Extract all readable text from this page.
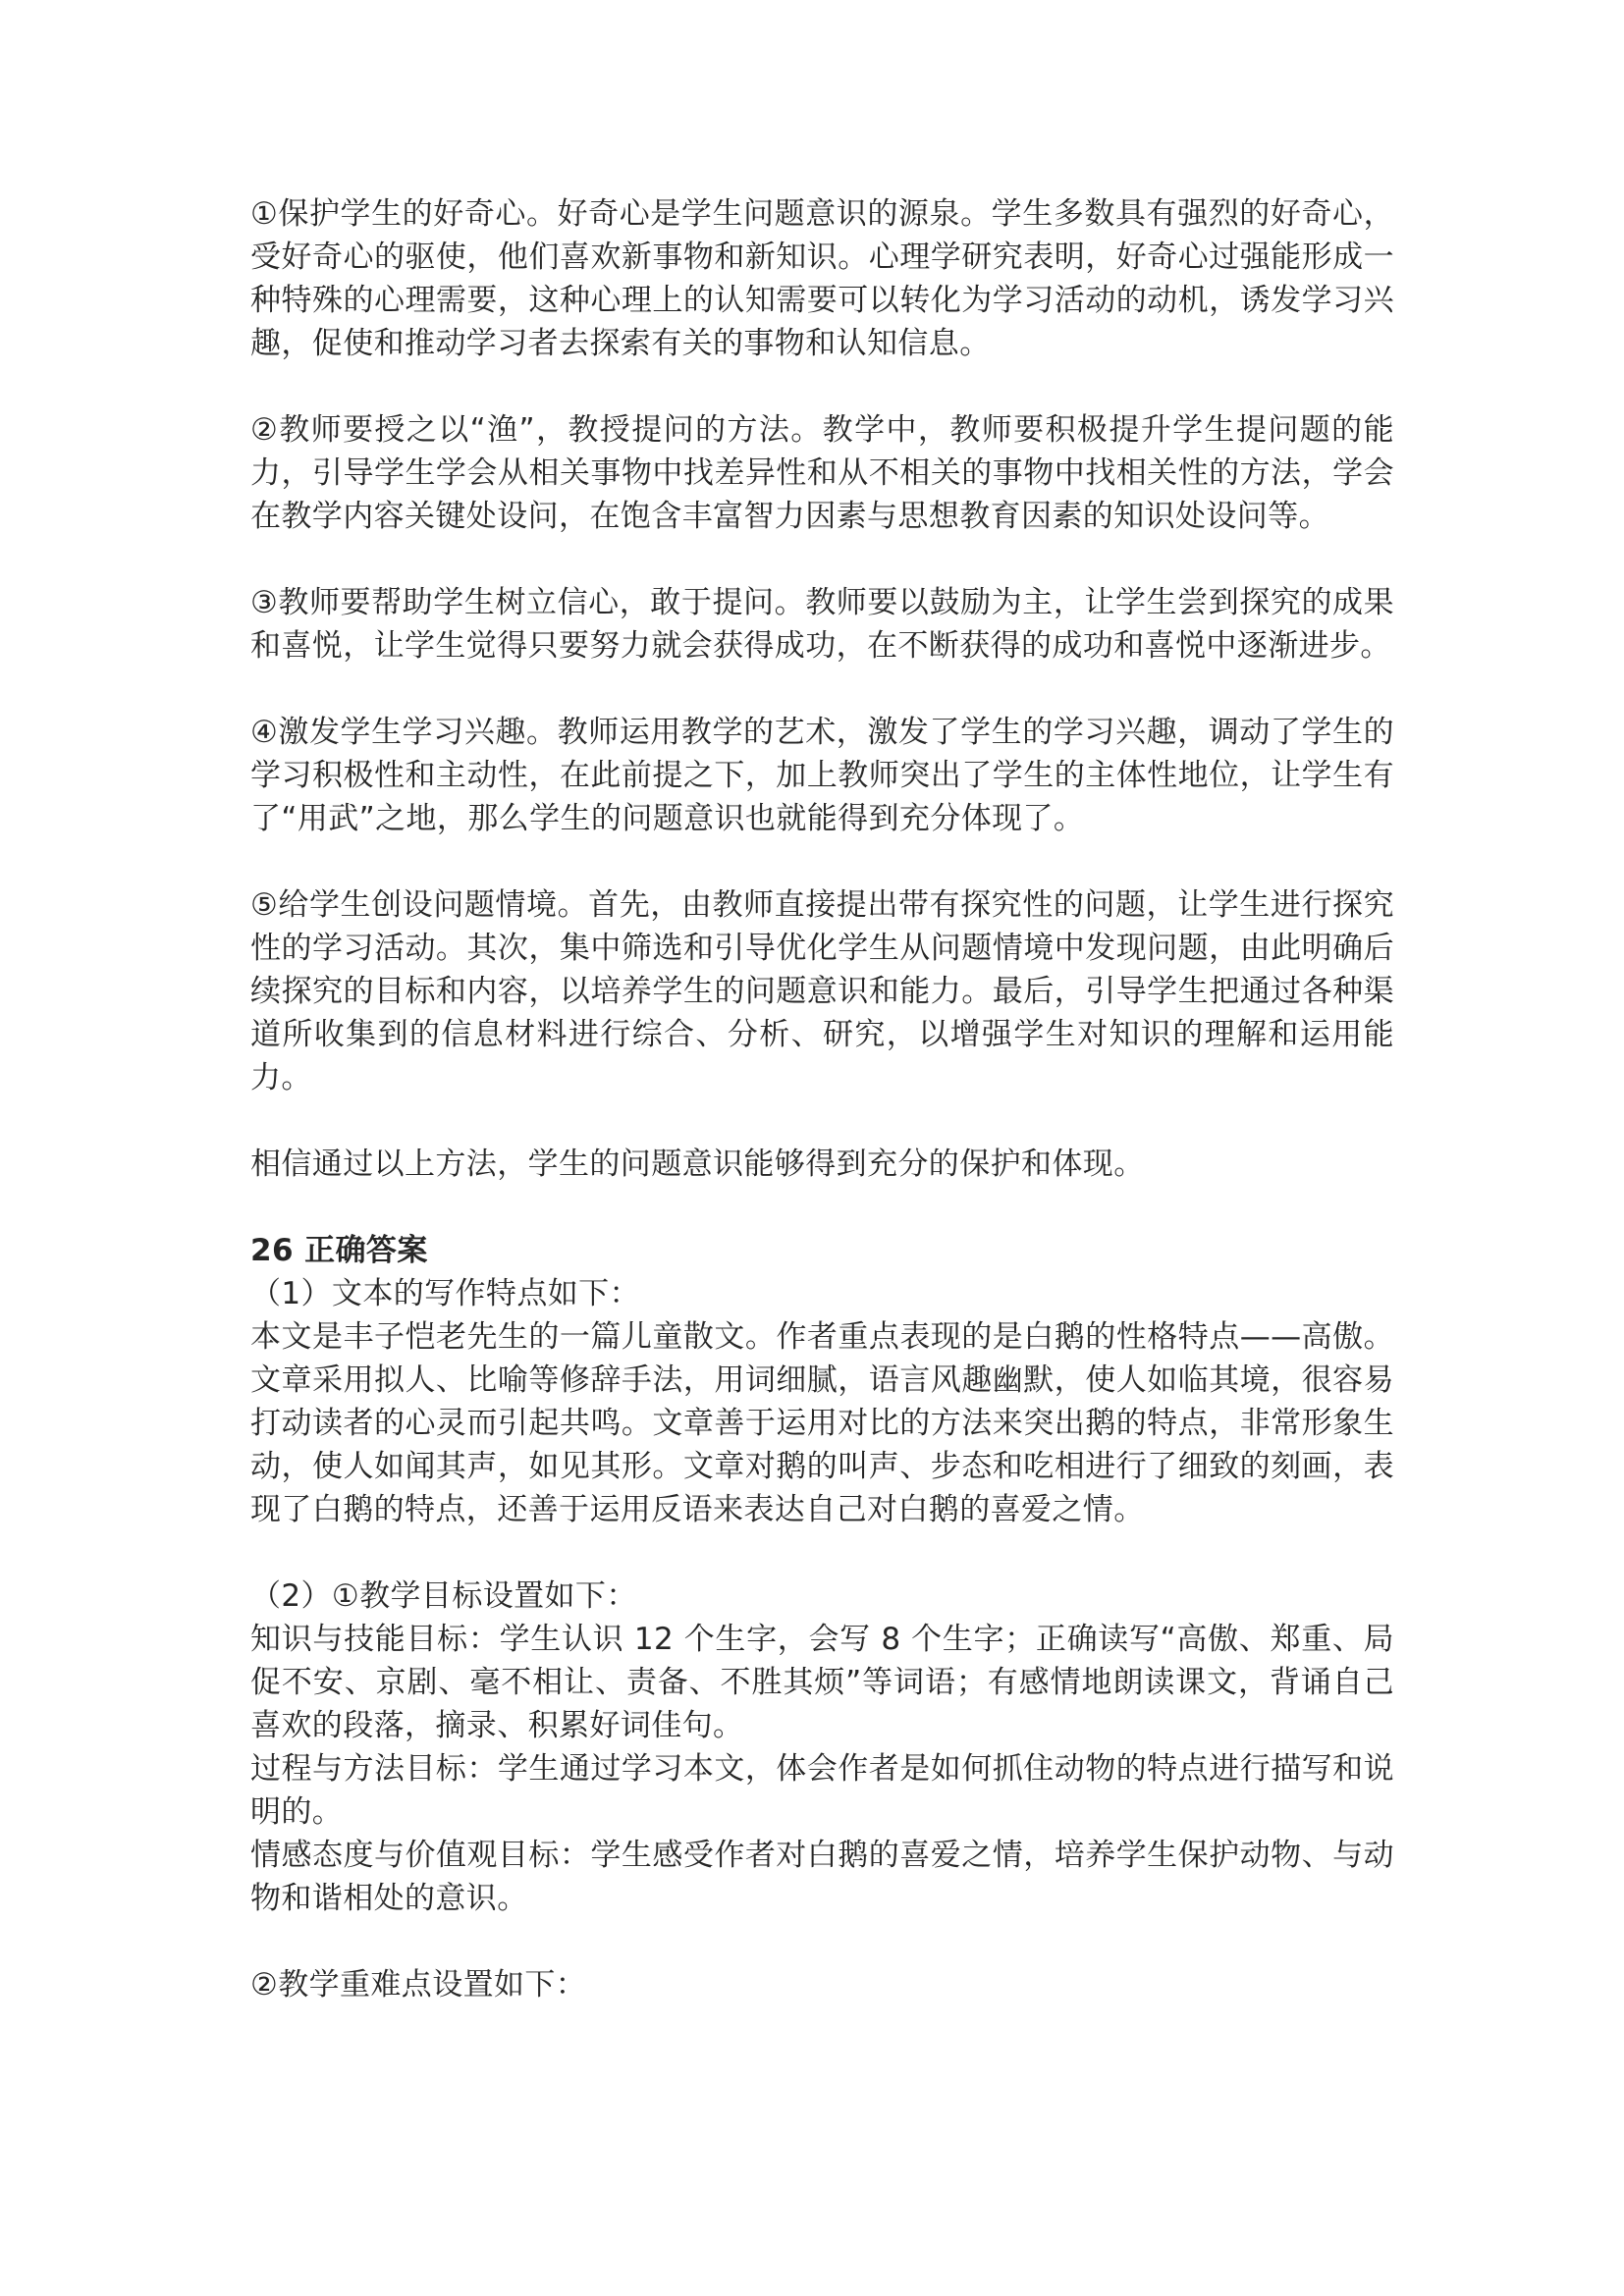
①保护学生的好奇心。好奇心是学生问题意识的源泉。学生多数具有强烈的好奇心，受好奇心的驱使，他们喜欢新事物和新知识。心理学研究表明，好奇心过强能形成一种特殊的心理需要，这种心理上的认知需要可以转化为学习活动的动机，诱发学习兴趣，促使和推动学习者去探索有关的事物和认知信息。

②教师要授之以“渔”，教授提问的方法。教学中，教师要积极提升学生提问题的能力，引导学生学会从相关事物中找差异性和从不相关的事物中找相关性的方法，学会在教学内容关键处设问，在饱含丰富智力因素与思想教育因素的知识处设问等。

③教师要帮助学生树立信心，敢于提问。教师要以鼓励为主，让学生尝到探究的成果和喜悦，让学生觉得只要努力就会获得成功，在不断获得的成功和喜悦中逐渐进步。

④激发学生学习兴趣。教师运用教学的艺术，激发了学生的学习兴趣，调动了学生的学习积极性和主动性，在此前提之下，加上教师突出了学生的主体性地位，让学生有了“用武”之地，那么学生的问题意识也就能得到充分体现了。

⑤给学生创设问题情境。首先，由教师直接提出带有探究性的问题，让学生进行探究性的学习活动。其次，集中筛选和引导优化学生从问题情境中发现问题，由此明确后续探究的目标和内容，以培养学生的问题意识和能力。最后，引导学生把通过各种渠道所收集到的信息材料进行综合、分析、研究，以增强学生对知识的理解和运用能力。

相信通过以上方法，学生的问题意识能够得到充分的保护和体现。

26 正确答案

（1）文本的写作特点如下：

本文是丰子恺老先生的一篇儿童散文。作者重点表现的是白鹅的性格特点——高傲。文章采用拟人、比喻等修辞手法，用词细腻，语言风趣幽默，使人如临其境，很容易打动读者的心灵而引起共鸣。文章善于运用对比的方法来突出鹅的特点，非常形象生动，使人如闻其声，如见其形。文章对鹅的叫声、步态和吃相进行了细致的刻画，表现了白鹅的特点，还善于运用反语来表达自己对白鹅的喜爱之情。

（2）①教学目标设置如下：

知识与技能目标：学生认识 12 个生字，会写 8 个生字；正确读写“高傲、郑重、局促不安、京剧、毫不相让、责备、不胜其烦”等词语；有感情地朗读课文，背诵自己喜欢的段落，摘录、积累好词佳句。

过程与方法目标：学生通过学习本文，体会作者是如何抓住动物的特点进行描写和说明的。

情感态度与价值观目标：学生感受作者对白鹅的喜爱之情，培养学生保护动物、与动物和谐相处的意识。

②教学重难点设置如下：
